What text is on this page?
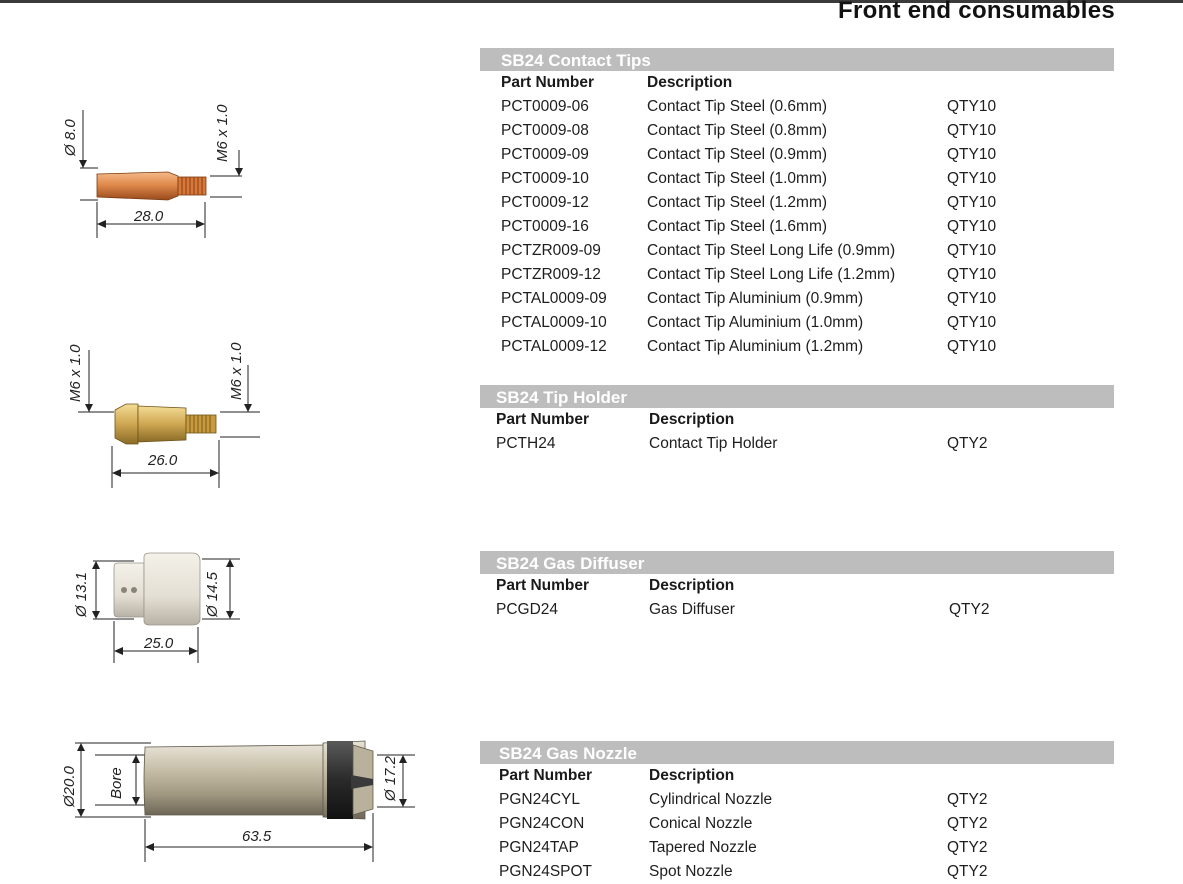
Front end consumables
SB24 Contact Tips
Part Number	Description
PCT0009-06	Contact Tip Steel (0.6mm)	QTY10
PCT0009-08	Contact Tip Steel (0.8mm)	QTY10
PCT0009-09	Contact Tip Steel (0.9mm)	QTY10
PCT0009-10	Contact Tip Steel (1.0mm)	QTY10
PCT0009-12	Contact Tip Steel (1.2mm)	QTY10
PCT0009-16	Contact Tip Steel (1.6mm)	QTY10
PCTZR009-09	Contact Tip Steel Long Life (0.9mm)	QTY10
PCTZR009-12	Contact Tip Steel Long Life (1.2mm)	QTY10
PCTAL0009-09	Contact Tip Aluminium (0.9mm)	QTY10
PCTAL0009-10	Contact Tip Aluminium (1.0mm)	QTY10
PCTAL0009-12	Contact Tip Aluminium (1.2mm)	QTY10
SB24 Tip Holder
Part Number	Description
PCTH24	Contact Tip Holder	QTY2
SB24 Gas Diffuser
Part Number	Description
PCGD24	Gas Diffuser	QTY2
SB24 Gas Nozzle
Part Number	Description
PGN24CYL	Cylindrical Nozzle	QTY2
PGN24CON	Conical Nozzle	QTY2
PGN24TAP	Tapered Nozzle	QTY2
PGN24SPOT	Spot Nozzle	QTY2
28.0
Ø 8.0	M6 x 1.0
26.0
M6 x 1.0	M6 x 1.0
25.0
Ø 13.1	Ø 14.5
63.5
Ø20.0 Bore	Ø 17.2
